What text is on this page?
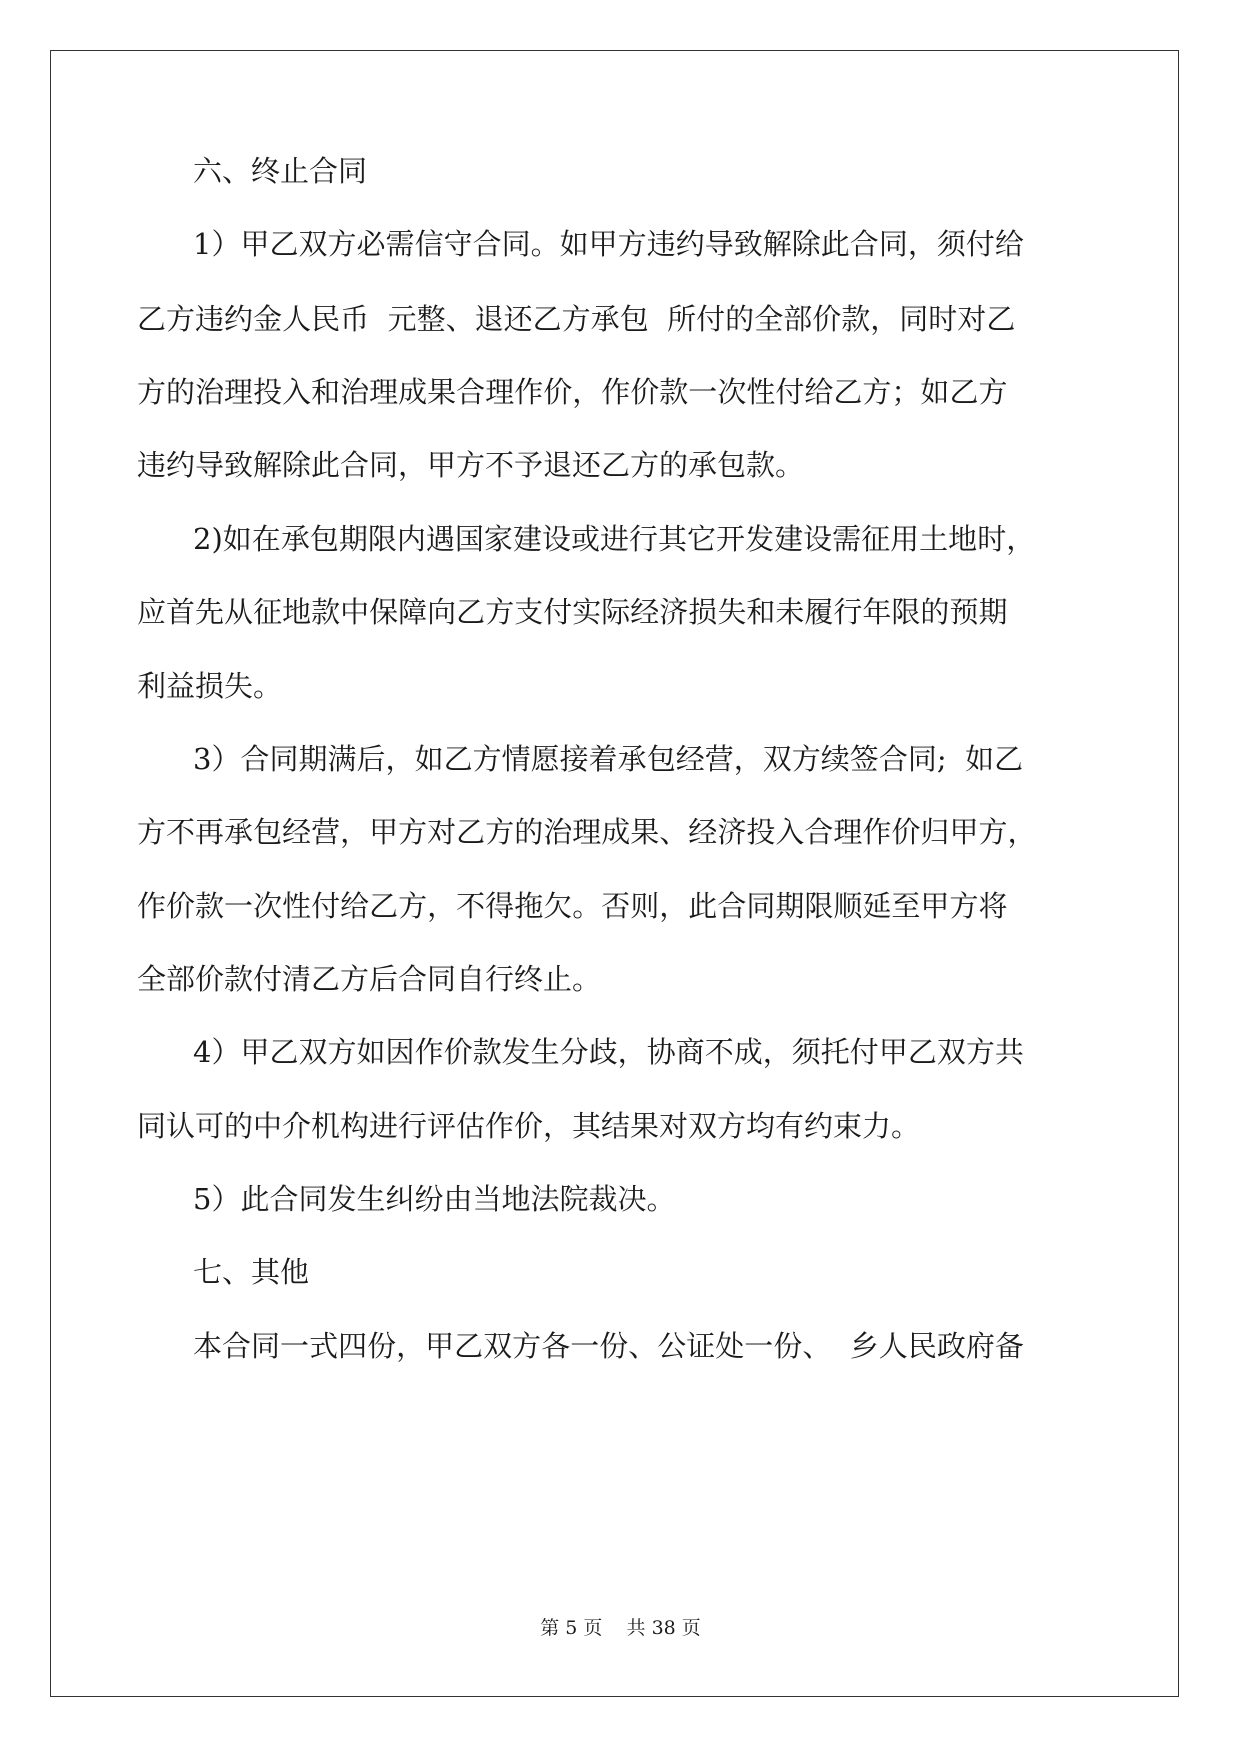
六、终止合同
1 ） 甲 乙 双 方 必 需 信 守 合 同 。 如 甲 方 违 约 导 致 解 除 此 合 同 ， 须 付 给
乙 方 违 约 金 人 民 币

元 整 、 退 还 乙 方 承 包

所 付 的 全 部 价 款 ， 同 时 对 乙
方 的 治 理 投 入 和 治 理 成 果 合 理 作 价 ， 作 价 款 一 次 性 付 给 乙 方 ； 如 乙 方
违约导致解除此合同，甲方不予退还乙方的承包款。
2 ) 如 在 承 包 期 限 内 遇 国 家 建 设 或 进 行 其 它 开 发 建 设 需 征 用 土 地 时 ，
应 首 先 从 征 地 款 中 保 障 向 乙 方 支 付 实 际 经 济 损 失 和 未 履 行 年 限 的 预 期
利益损失。
3 ） 合 同 期 满 后 ， 如 乙 方 情 愿 接 着 承 包 经 营 ， 双 方 续 签 合 同 ;

如 乙
方 不 再 承 包 经 营 ， 甲 方 对 乙 方 的 治 理 成 果 、 经 济 投 入 合 理 作 价 归 甲 方 ，
作 价 款 一 次 性 付 给 乙 方 ， 不 得 拖 欠 。 否 则 ， 此 合 同 期 限 顺 延 至 甲 方 将
全部价款付清乙方后合同自行终止。
4 ） 甲 乙 双 方 如 因 作 价 款 发 生 分 歧 ， 协 商 不 成 ， 须 托 付 甲 乙 双 方 共
同认可的中介机构进行评估作价，其结果对双方均有约束力。
5）此合同发生纠纷由当地法院裁决。
七、其他
本 合 同 一 式 四 份 ， 甲 乙 双 方 各 一 份 、 公 证 处 一 份 、

乡 人 民 政 府 备
第 5 页    共 38 页
